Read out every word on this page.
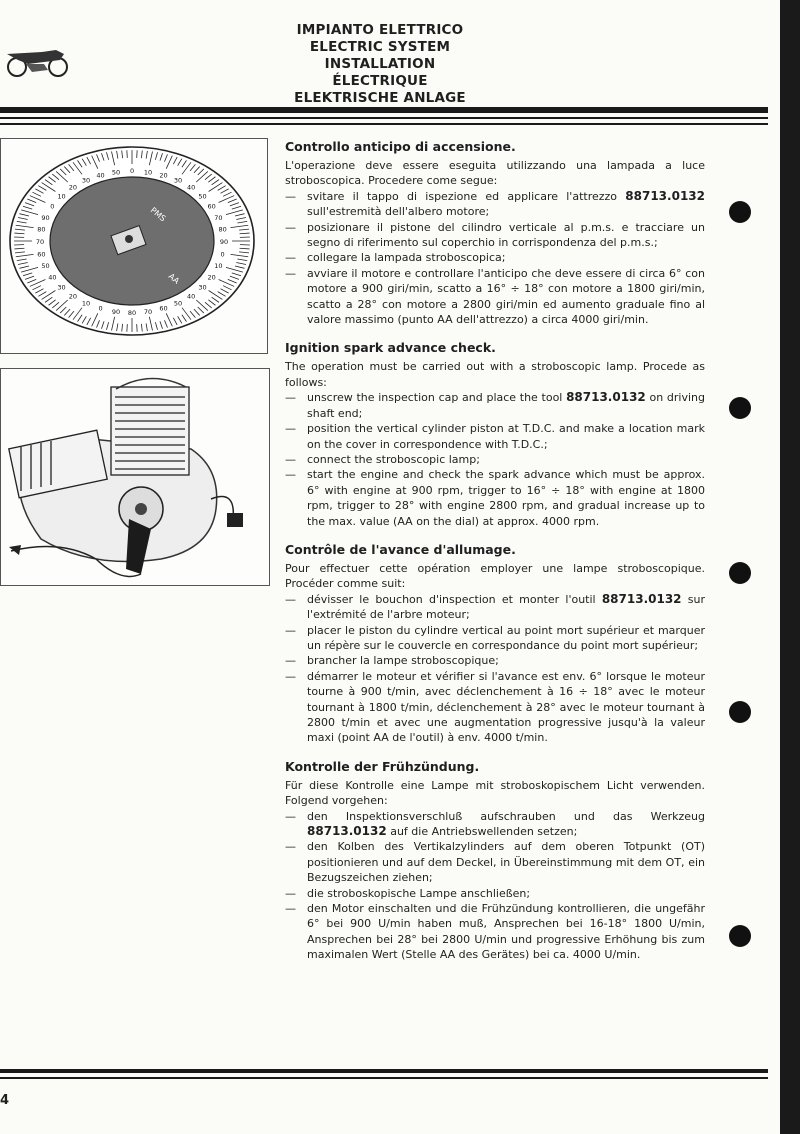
IMPIANTO ELETTRICO
ELECTRIC SYSTEM
INSTALLATION ÉLECTRIQUE
ELEKTRISCHE ANLAGE
0 10 20
30
40
50
60
70
80
90
0
10
20
30
40
50
60
70
80
90
0
10
20
30
40
50
60
70
80
90
0
10
20
30
40 50
PMS
AA
Controllo anticipo di accensione.

L'operazione deve essere eseguita utilizzando una lampada a luce stroboscopica. Procedere come segue:

— svitare il tappo di ispezione ed applicare l'attrezzo 88713.0132 sull'estremità dell'albero motore;
— posizionare il pistone del cilindro verticale al p.m.s. e tracciare un segno di riferimento sul coperchio in corrispondenza del p.m.s.;
— collegare la lampada stroboscopica;
— avviare il motore e controllare l'anticipo che deve essere di circa 6° con motore a 900 giri/min, scatto a 16° ÷ 18° con motore a 1800 giri/min, scatto a 28° con motore a 2800 giri/min ed aumento graduale fino al valore massimo (punto AA dell'attrezzo) a circa 4000 giri/min.
Ignition spark advance check.

The operation must be carried out with a stroboscopic lamp. Procede as follows:

— unscrew the inspection cap and place the tool 88713.0132 on driving shaft end;
— position the vertical cylinder piston at T.D.C. and make a location mark on the cover in correspondence with T.D.C.;
— connect the stroboscopic lamp;
— start the engine and check the spark advance which must be approx. 6° with engine at 900 rpm, trigger to 16° ÷ 18° with engine at 1800 rpm, trigger to 28° with engine 2800 rpm, and gradual increase up to the max. value (AA on the dial) at approx. 4000 rpm.
Contrôle de l'avance d'allumage.

Pour effectuer cette opération employer une lampe stroboscopique. Procéder comme suit:

— dévisser le bouchon d'inspection et monter l'outil 88713.0132 sur l'extrémité de l'arbre moteur;
— placer le piston du cylindre vertical au point mort supérieur et marquer un répère sur le couvercle en correspondance du point mort supérieur;
— brancher la lampe stroboscopique;
— démarrer le moteur et vérifier si l'avance est env. 6° lorsque le moteur tourne à 900 t/min, avec déclenchement à 16 ÷ 18° avec le moteur tournant à 1800 t/min, déclenchement à 28° avec le moteur tournant à 2800 t/min et avec une augmentation progressive jusqu'à la valeur maxi (point AA de l'outil) à env. 4000 t/min.
Kontrolle der Frühzündung.

Für diese Kontrolle eine Lampe mit stroboskopischem Licht verwenden. Folgend vorgehen:

— den Inspektionsverschluß aufschrauben und das Werkzeug 88713.0132 auf die Antriebswellenden setzen;
— den Kolben des Vertikalzylinders auf dem oberen Totpunkt (OT) positionieren und auf dem Deckel, in Übereinstimmung mit dem OT, ein Bezugszeichen ziehen;
— die stroboskopische Lampe anschließen;
— den Motor einschalten und die Frühzündung kontrollieren, die ungefähr 6° bei 900 U/min haben muß, Ansprechen bei 16-18° 1800 U/min, Ansprechen bei 28° bei 2800 U/min und progressive Erhöhung bis zum maximalen Wert (Stelle AA des Gerätes) bei ca. 4000 U/min.
4
